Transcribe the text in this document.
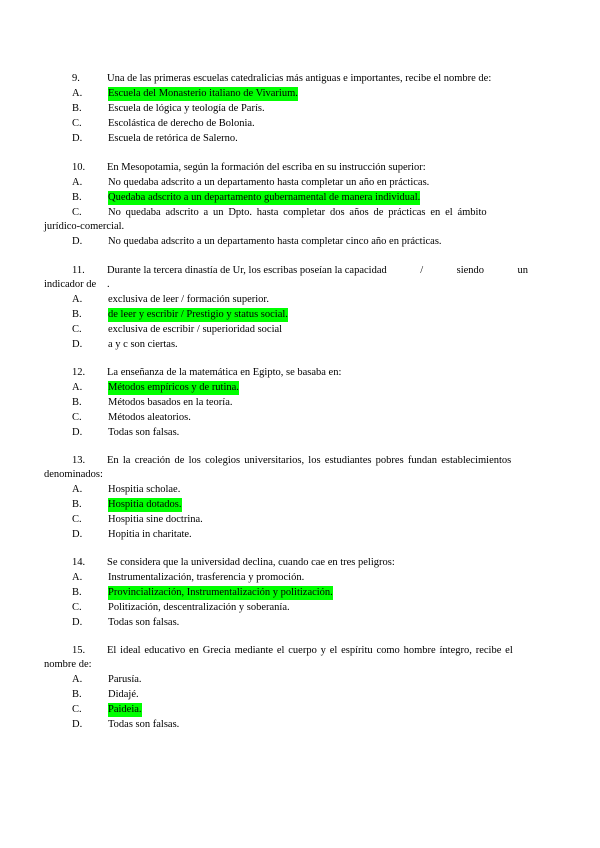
9.	Una de las primeras escuelas catedralicias más antiguas e importantes, recibe el nombre de:
A. Escuela del Monasterio italiano de Vivarium.
B.	Escuela de lógica y teología de París.
C.	Escolástica de derecho de Bolonia.
D. Escuela de retórica de Salerno.
10. En Mesopotamia, según la formación del escriba en su instrucción superior:
A. No quedaba adscrito a un departamento hasta completar un año en prácticas.
B.	Quedaba adscrito a un departamento gubernamental de manera individual.
C.	No quedaba adscrito a un Dpto. hasta completar dos años de prácticas en el ámbito
jurídico-comercial.
D. No quedaba adscrito a un departamento hasta completar cinco año en prácticas.
11. Durante la tercera dinastía de Ur, los escribas poseían la capacidad	/	siendo	un
indicador de .
A. exclusiva de leer / formación superior.
B.	de leer y escribir / Prestigio y status social.
C.	exclusiva de escribir / superioridad social
D. a y c son ciertas.
12. La enseñanza de la matemática en Egipto, se basaba en:
A. Métodos empíricos y de rutina.
B.	Métodos basados en la teoría.
C.	Métodos aleatorios.
D. Todas son falsas.
13. En la creación de los colegios universitarios, los estudiantes pobres fundan establecimientos
denominados:
A. Hospitia scholae.
B.	Hospitia dotados.
C.	Hospitia sine doctrina.
D. Hopitia in charitate.
14. Se considera que la universidad declina, cuando cae en tres peligros:
A. Instrumentalización, trasferencia y promoción.
B.	Provincialización, Instrumentalización y politización.
C.	Politización, descentralización y soberanía.
D. Todas son falsas.
15. El ideal educativo en Grecia mediante el cuerpo y el espíritu como hombre íntegro, recibe el
nombre de:
A. Parusía.
B.	Didajé.
C.	Paideia.
D. Todas son falsas.
